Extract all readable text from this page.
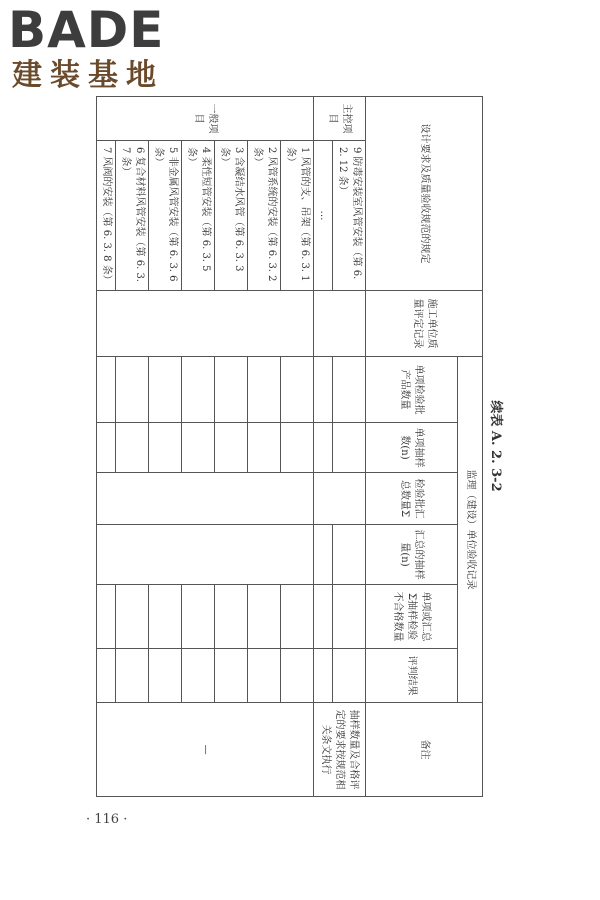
BADE
建装基地
续表 A. 2. 3-2
设计要求及质量验收规范的规定		施工单位质量评定记录	监理（建设）单位验收记录						备注
			单项检验批产品数量	单项抽样数(n)	检验批汇总数量Σ	汇总的抽样量(n)	单项或汇总Σ抽样检验不合格数量	评判结果	
主控项目	9 防毒安装室风管安装（第 6. 2. 12 条）								抽样数量及合格评定的要求按规范相关条文执行
	…								
一般项目	1 风管的支、吊架（第 6. 3. 1 条）								—
	2 风管系统的安装（第 6. 3. 2 条）								
	3 含凝结水风管（第 6. 3. 3 条）								
	4 柔性短管安装（第 6. 3. 5 条）								
	5 非金属风管安装（第 6. 3. 6 条）								
	6 复合材料风管安装（第 6. 3. 7 条）								
	7 风阀的安装（第 6. 3. 8 条）								
· 116 ·
